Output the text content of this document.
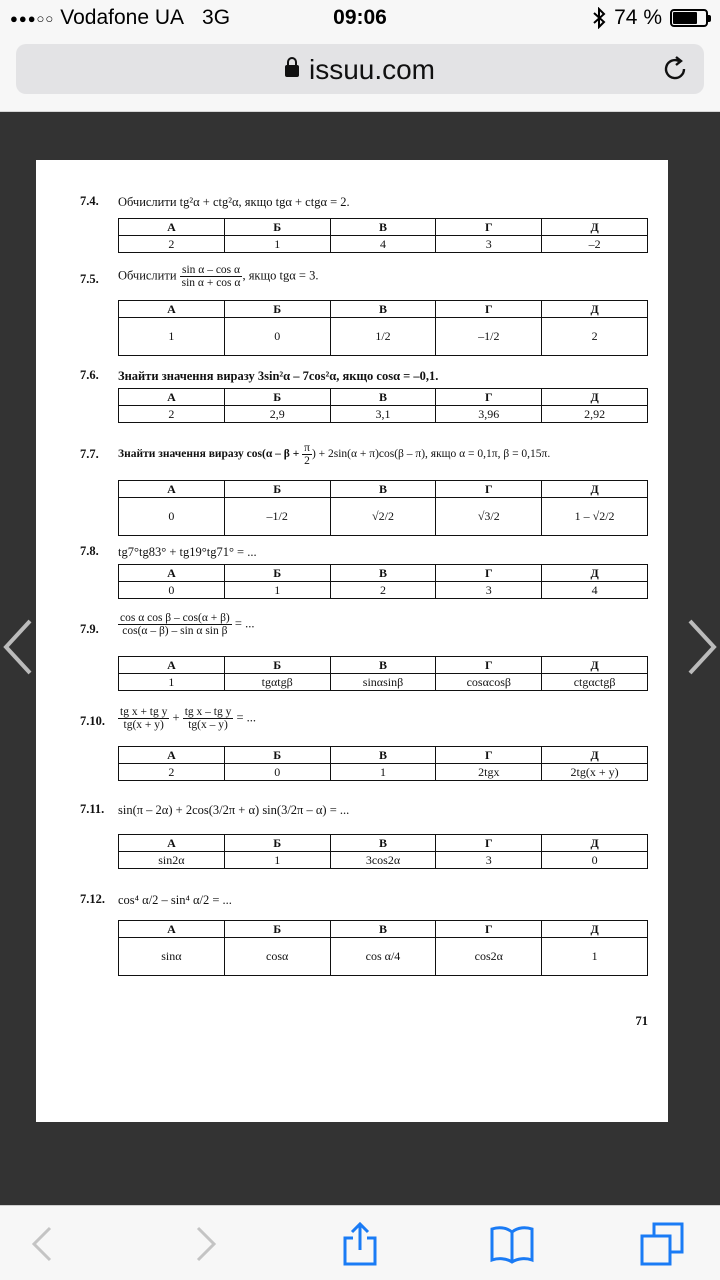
●●●○○ Vodafone UA 3G	09:06	74 %
issuu.com
7.4. Обчислити tg²α + ctg²α, якщо tgα + ctgα = 2.
А	Б	В	Г	Д
2	1	4	3	–2
7.5. Обчислити $\frac{\text{sin α – cos α}}{\text{sin α + cos α}}$ , якщо tgα = 3.
А	Б	В	Г	Д
1	0	1/2	–1/2	2
7.6. Знайти значення виразу 3sin²α – 7cos²α, якщо cosα = –0,1.
А	Б	В	Г	Д
2	2,9	3,1	3,96	2,92
7.7. Знайти значення виразу $\cos(\alpha - \beta + \frac{\pi}{2}$ ) + 2sin(α + π)cos(β – π), якщо α = 0,1π, β = 0,15π.
А	Б	В	Г	Д
0	–1/2	√2/2	√3/2	1 – √2/2
7.8. tg7°tg83° + tg19°tg71° = ...
А	Б	В	Г	Д
0	1	2	3	4
7.9. $\frac{\text{cos α cos β – cos(α + β)}}{\text{cos(α – β) – sin α sin β}}$ = ...
А	Б	В	Г	Д
1	tgαtgβ	sinαsinβ	cosαcosβ	ctgαctgβ
7.10. $\frac{\text{tg x + tg y}}{tg(x + y)} + \frac{\text{tg x – tg y}}{tg(x - y)}$ = ...
А	Б	В	Г	Д
2	0	1	2tgx	2tg(x + y)
7.11. sin(π – 2α) + 2cos(3/2π + α) sin(3/2π – α) = ...
А	Б	В	Г	Д
sin2α	1	3cos2α	3	0
7.12. cos⁴ α/2 – sin⁴ α/2 = ...
А	Б	В	Г	Д
sinα	cosα	cos α/4	cos2α	1
71
